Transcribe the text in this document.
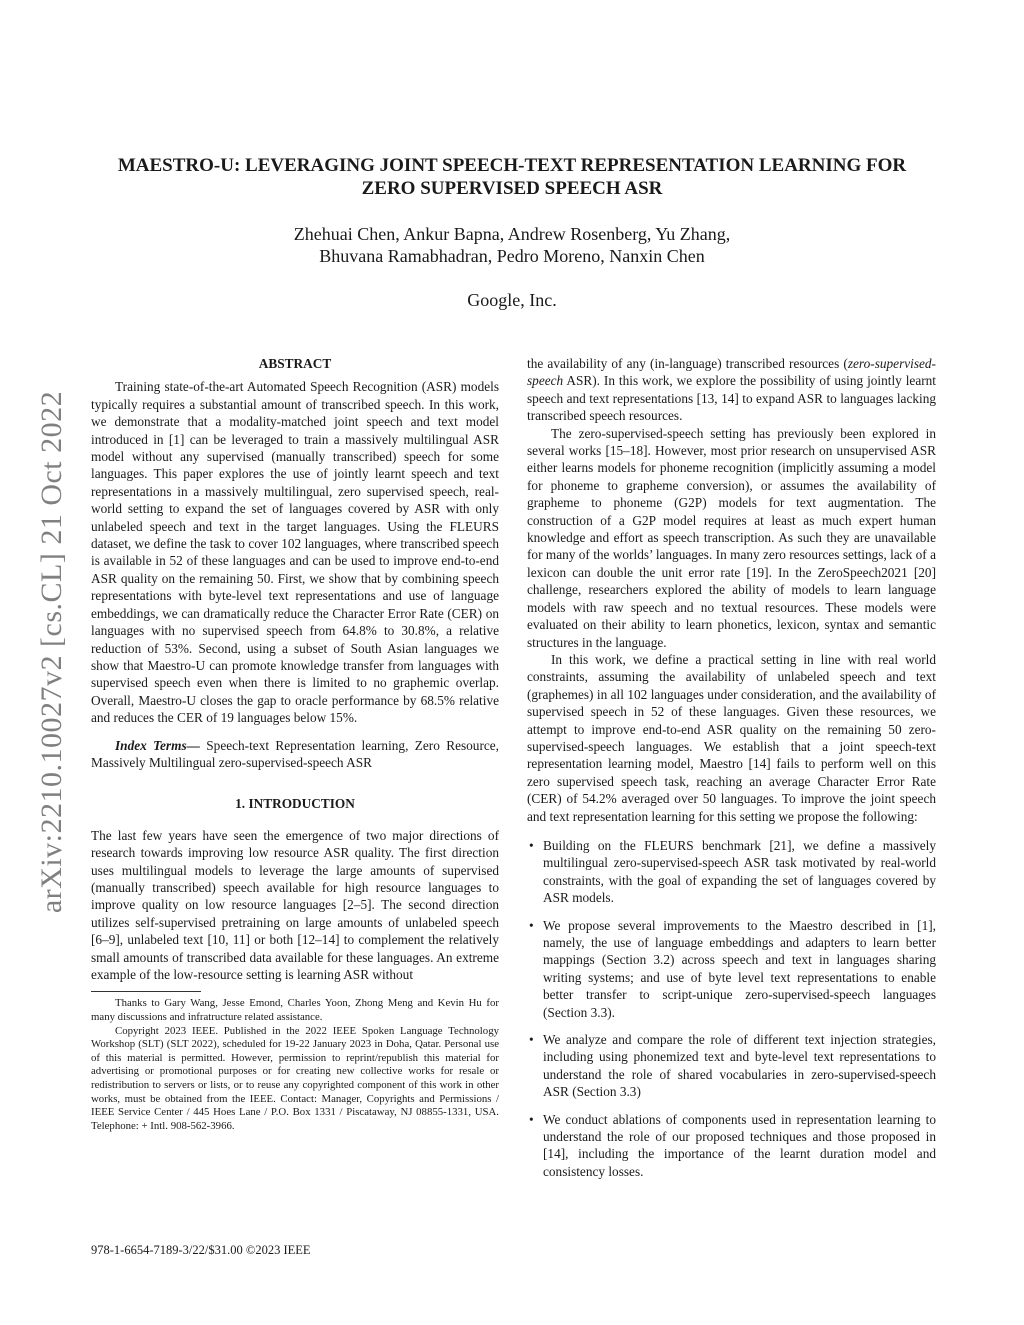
arXiv:2210.10027v2 [cs.CL] 21 Oct 2022

MAESTRO-U: LEVERAGING JOINT SPEECH-TEXT REPRESENTATION LEARNING FOR
ZERO SUPERVISED SPEECH ASR

Zhehuai Chen, Ankur Bapna, Andrew Rosenberg, Yu Zhang,
Bhuvana Ramabhadran, Pedro Moreno, Nanxin Chen
Google, Inc.

ABSTRACT

Training state-of-the-art Automated Speech Recognition (ASR) models typically requires a substantial amount of transcribed speech. In this work, we demonstrate that a modality-matched joint speech and text model introduced in [1] can be leveraged to train a massively multilingual ASR model without any supervised (manually transcribed) speech for some languages. This paper explores the use of jointly learnt speech and text representations in a massively multilingual, zero supervised speech, real-world setting to expand the set of languages covered by ASR with only unlabeled speech and text in the target languages. Using the FLEURS dataset, we define the task to cover 102 languages, where transcribed speech is available in 52 of these languages and can be used to improve end-to-end ASR quality on the remaining 50. First, we show that by combining speech representations with byte-level text representations and use of language embeddings, we can dramatically reduce the Character Error Rate (CER) on languages with no supervised speech from 64.8% to 30.8%, a relative reduction of 53%. Second, using a subset of South Asian languages we show that Maestro-U can promote knowledge transfer from languages with supervised speech even when there is limited to no graphemic overlap. Overall, Maestro-U closes the gap to oracle performance by 68.5% relative and reduces the CER of 19 languages below 15%.

Index Terms— Speech-text Representation learning, Zero Resource, Massively Multilingual zero-supervised-speech ASR

1. INTRODUCTION

The last few years have seen the emergence of two major directions of research towards improving low resource ASR quality. The first direction uses multilingual models to leverage the large amounts of supervised (manually transcribed) speech available for high resource languages to improve quality on low resource languages [2–5]. The second direction utilizes self-supervised pretraining on large amounts of unlabeled speech [6–9], unlabeled text [10, 11] or both [12–14] to complement the relatively small amounts of transcribed data available for these languages. An extreme example of the low-resource setting is learning ASR without

Thanks to Gary Wang, Jesse Emond, Charles Yoon, Zhong Meng and Kevin Hu for many discussions and infratructure related assistance.

Copyright 2023 IEEE. Published in the 2022 IEEE Spoken Language Technology Workshop (SLT) (SLT 2022), scheduled for 19-22 January 2023 in Doha, Qatar. Personal use of this material is permitted. However, permission to reprint/republish this material for advertising or promotional purposes or for creating new collective works for resale or redistribution to servers or lists, or to reuse any copyrighted component of this work in other works, must be obtained from the IEEE. Contact: Manager, Copyrights and Permissions / IEEE Service Center / 445 Hoes Lane / P.O. Box 1331 / Piscataway, NJ 08855-1331, USA. Telephone: + Intl. 908-562-3966.

the availability of any (in-language) transcribed resources (zero-supervised-speech ASR). In this work, we explore the possibility of using jointly learnt speech and text representations [13, 14] to expand ASR to languages lacking transcribed speech resources.

The zero-supervised-speech setting has previously been explored in several works [15–18]. However, most prior research on unsupervised ASR either learns models for phoneme recognition (implicitly assuming a model for phoneme to grapheme conversion), or assumes the availability of grapheme to phoneme (G2P) models for text augmentation. The construction of a G2P model requires at least as much expert human knowledge and effort as speech transcription. As such they are unavailable for many of the worlds’ languages. In many zero resources settings, lack of a lexicon can double the unit error rate [19]. In the ZeroSpeech2021 [20] challenge, researchers explored the ability of models to learn language models with raw speech and no textual resources. These models were evaluated on their ability to learn phonetics, lexicon, syntax and semantic structures in the language.

In this work, we define a practical setting in line with real world constraints, assuming the availability of unlabeled speech and text (graphemes) in all 102 languages under consideration, and the availability of supervised speech in 52 of these languages. Given these resources, we attempt to improve end-to-end ASR quality on the remaining 50 zero-supervised-speech languages. We establish that a joint speech-text representation learning model, Maestro [14] fails to perform well on this zero supervised speech task, reaching an average Character Error Rate (CER) of 54.2% averaged over 50 languages. To improve the joint speech and text representation learning for this setting we propose the following:

• Building on the FLEURS benchmark [21], we define a massively multilingual zero-supervised-speech ASR task motivated by real-world constraints, with the goal of expanding the set of languages covered by ASR models.
• We propose several improvements to the Maestro described in [1], namely, the use of language embeddings and adapters to learn better mappings (Section 3.2) across speech and text in languages sharing writing systems; and use of byte level text representations to enable better transfer to script-unique zero-supervised-speech languages (Section 3.3).
• We analyze and compare the role of different text injection strategies, including using phonemized text and byte-level text representations to understand the role of shared vocabularies in zero-supervised-speech ASR (Section 3.3)
• We conduct ablations of components used in representation learning to understand the role of our proposed techniques and those proposed in [14], including the importance of the learnt duration model and consistency losses.
978-1-6654-7189-3/22/$31.00 ©2023 IEEE
